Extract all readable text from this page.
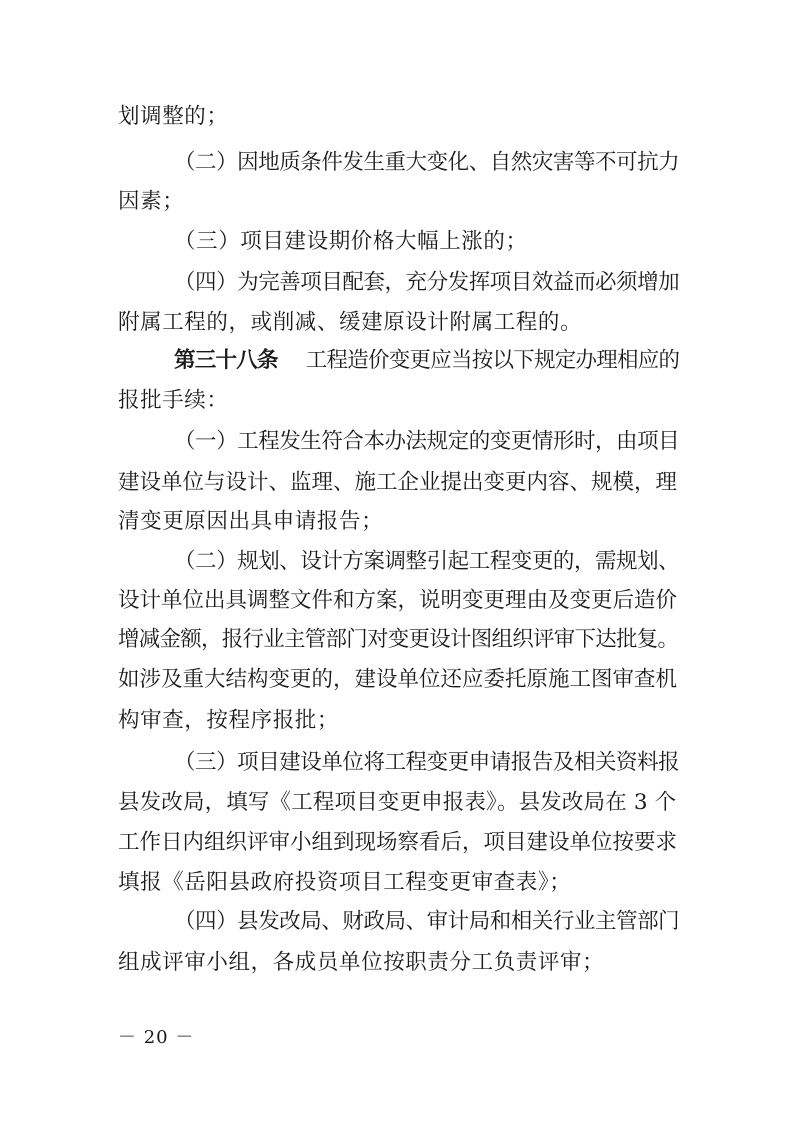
划调整的；
（二）因地质条件发生重大变化、自然灾害等不可抗力
因素；
（三）项目建设期价格大幅上涨的；
（四）为完善项目配套，充分发挥项目效益而必须增加
附属工程的，或削减、缓建原设计附属工程的。
第三十八条 工程造价变更应当按以下规定办理相应的
报批手续：
（一）工程发生符合本办法规定的变更情形时，由项目
建设单位与设计、监理、施工企业提出变更内容、规模，理
清变更原因出具申请报告；
（二）规划、设计方案调整引起工程变更的，需规划、
设计单位出具调整文件和方案，说明变更理由及变更后造价
增减金额，报行业主管部门对变更设计图组织评审下达批复。
如涉及重大结构变更的，建设单位还应委托原施工图审查机
构审查，按程序报批；
（三）项目建设单位将工程变更申请报告及相关资料报
县发改局，填写《工程项目变更申报表》。县发改局在 3 个
工作日内组织评审小组到现场察看后，项目建设单位按要求
填报《岳阳县政府投资项目工程变更审查表》；
（四）县发改局、财政局、审计局和相关行业主管部门
组成评审小组，各成员单位按职责分工负责评审；
－ 20 －
